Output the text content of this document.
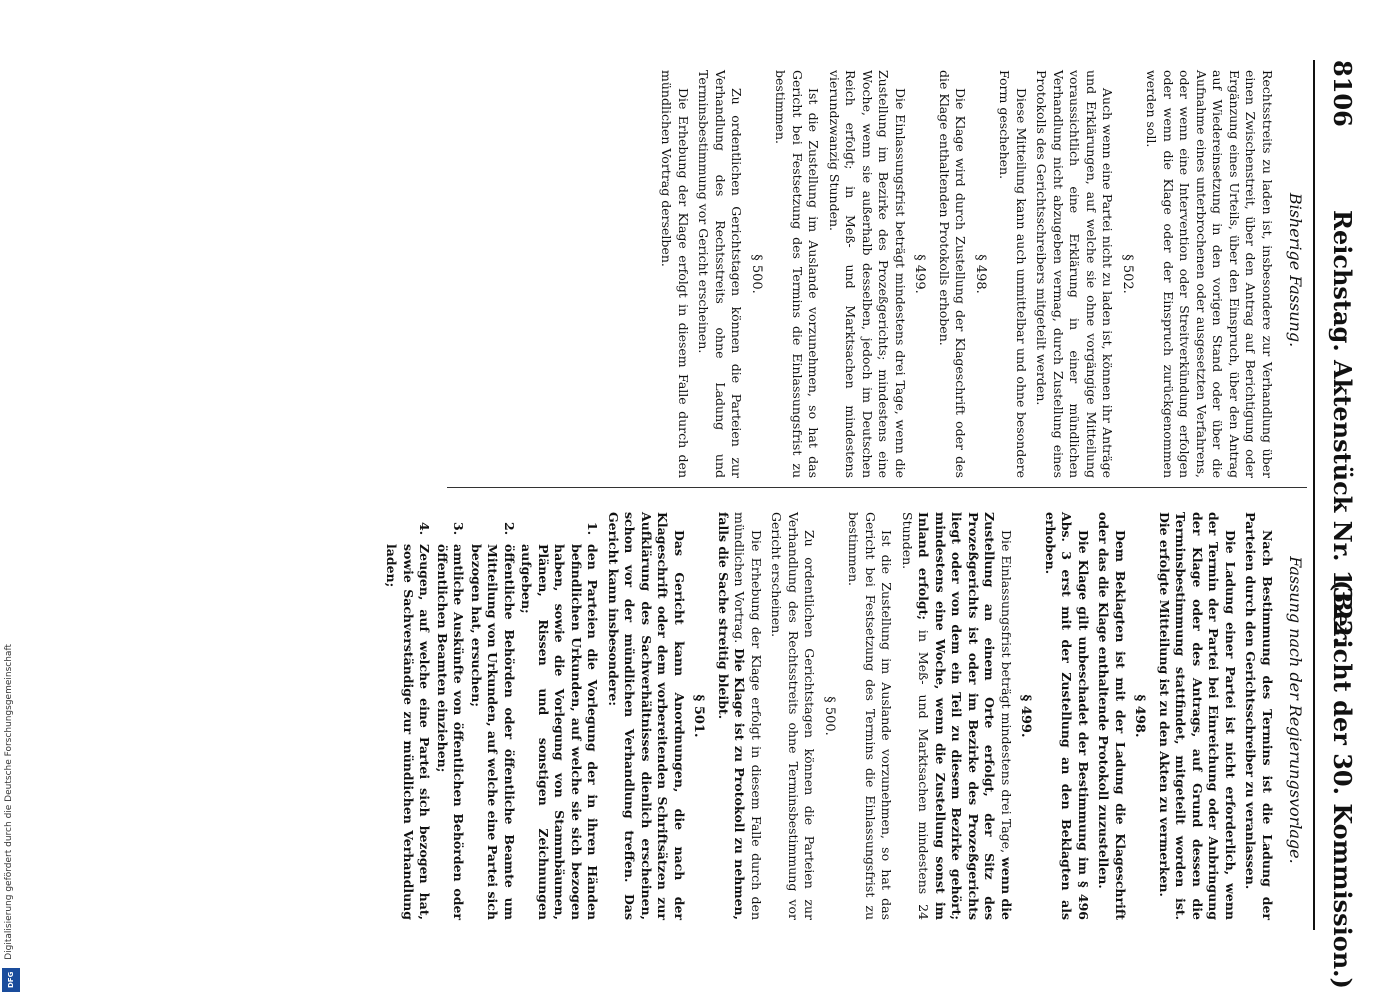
Digitalisierung gefördert durch die Deutsche Forschungsgemeinschaft
DFG
8106
Reichstag. Aktenstück Nr. 1322.
(Bericht der 30. Kommission.)
Bisherige Fassung.
Fassung nach der Regierungsvorlage.

Rechtsstreits zu laden ist, insbesondere zur Verhandlung über einen Zwischenstreit, über den Antrag auf Berichtigung oder Ergänzung eines Urteils, über den Einspruch, über den Antrag auf Wiedereinsetzung in den vorigen Stand oder über die Aufnahme eines unterbrochenen oder ausgesetzten Verfahrens, oder wenn eine Intervention oder Streitverkündung erfolgen oder wenn die Klage oder der Einspruch zurückgenommen werden soll.

§ 502.

Auch wenn eine Partei nicht zu laden ist, können ihr Anträge und Erklärungen, auf welche sie ohne vorgängige Mitteilung voraussichtlich eine Erklärung in einer mündlichen Verhandlung nicht abzugeben vermag, durch Zustellung eines Protokolls des Gerichtsschreibers mitgeteilt werden.

Diese Mitteilung kann auch unmittelbar und ohne besondere Form geschehen.

§ 498.

Die Klage wird durch Zustellung der Klageschrift oder des die Klage enthaltenden Protokolls erhoben.

§ 499.

Die Einlassungsfrist beträgt mindestens drei Tage, wenn die Zustellung im Bezirke des Prozeßgerichts; mindestens eine Woche, wenn sie außerhalb desselben, jedoch im Deutschen Reich erfolgt; in Meß- und Marktsachen mindestens vierundzwanzig Stunden.

Ist die Zustellung im Auslande vorzunehmen, so hat das Gericht bei Festsetzung des Termins die Einlassungsfrist zu bestimmen.

§ 500.

Zu ordentlichen Gerichtstagen können die Parteien zur Verhandlung des Rechtsstreits ohne Ladung und Terminsbestimmung vor Gericht erscheinen.

Die Erhebung der Klage erfolgt in diesem Falle durch den mündlichen Vortrag derselben.

Nach Bestimmung des Termins ist die Ladung der Parteien durch den Gerichtsschreiber zu veranlassen.

Die Ladung einer Partei ist nicht erforderlich, wenn der Termin der Partei bei Einreichung oder Anbringung der Klage oder des Antrags, auf Grund dessen die Terminsbestimmung stattfindet, mitgeteilt worden ist. Die erfolgte Mitteilung ist zu den Akten zu vermerken.

§ 498.

Dem Beklagten ist mit der Ladung die Klageschrift oder das die Klage enthaltende Protokoll zuzustellen.

Die Klage gilt unbeschadet der Bestimmung im § 496 Abs. 3 erst mit der Zustellung an den Beklagten als erhoben.

§ 499.

Die Einlassungsfrist beträgt mindestens drei Tage, wenn die Zustellung an einem Orte erfolgt, der Sitz des Prozeßgerichts ist oder im Bezirke des Prozeßgerichts liegt oder von dem ein Teil zu diesem Bezirke gehört; mindestens eine Woche, wenn die Zustellung sonst im Inland erfolgt; in Meß- und Marktsachen mindestens 24 Stunden.

Ist die Zustellung im Auslande vorzunehmen, so hat das Gericht bei Festsetzung des Termins die Einlassungsfrist zu bestimmen.

§ 500.

Zu ordentlichen Gerichtstagen können die Parteien zur Verhandlung des Rechtsstreits ohne Terminsbestimmung vor Gericht erscheinen.

Die Erhebung der Klage erfolgt in diesem Falle durch den mündlichen Vortrag. Die Klage ist zu Protokoll zu nehmen, falls die Sache streitig bleibt.

§ 501.

Das Gericht kann Anordnungen, die nach der Klageschrift oder dem vorbereitenden Schriftsätzen zur Aufklärung des Sachverhältnisses dienlich erscheinen, schon vor der mündlichen Verhandlung treffen. Das Gericht kann insbesondere:

1.
den Parteien die Vorlegung der in ihren Händen befindlichen Urkunden, auf welche sie sich bezogen haben, sowie die Vorlegung von Stammbäumen, Plänen, Rissen und sonstigen Zeichnungen aufgeben;
2.
öffentliche Behörden oder öffentliche Beamte um Mitteilung von Urkunden, auf welche eine Partei sich bezogen hat, ersuchen;
3.
amtliche Auskünfte von öffentlichen Behörden oder öffentlichen Beamten einziehen;
4.
Zeugen, auf welche eine Partei sich bezogen hat, sowie Sachverständige zur mündlichen Verhandlung laden;
